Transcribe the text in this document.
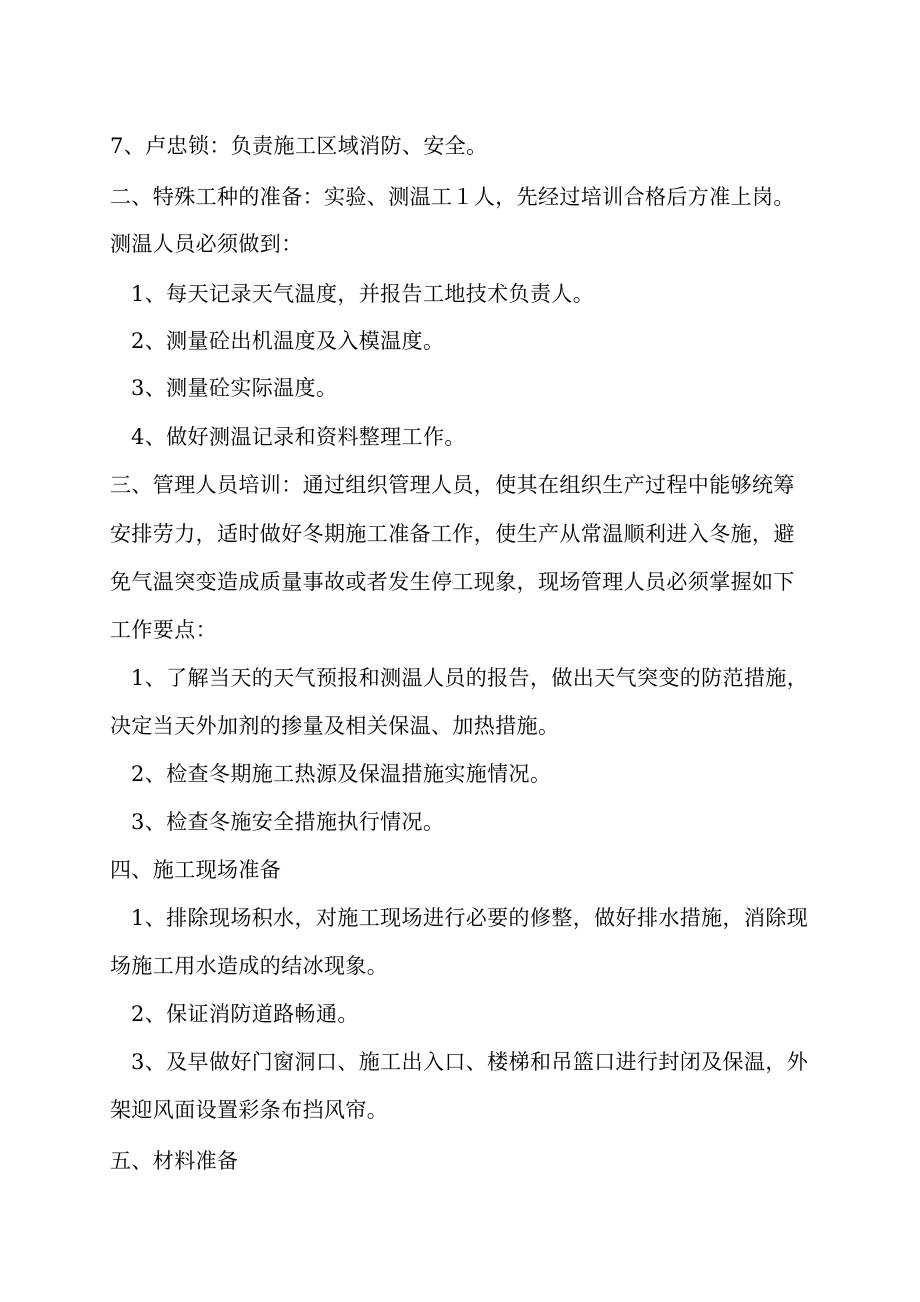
7、卢忠锁：负责施工区域消防、安全。
二、特殊工种的准备：实验、测温工１人，先经过培训合格后方准上岗。
测温人员必须做到：
1、每天记录天气温度，并报告工地技术负责人。
2、测量砼出机温度及入模温度。
3、测量砼实际温度。
4、做好测温记录和资料整理工作。
三、管理人员培训：通过组织管理人员，使其在组织生产过程中能够统筹
安排劳力，适时做好冬期施工准备工作，使生产从常温顺利进入冬施，避
免气温突变造成质量事故或者发生停工现象，现场管理人员必须掌握如下
工作要点：
1、了解当天的天气预报和测温人员的报告，做出天气突变的防范措施，
决定当天外加剂的掺量及相关保温、加热措施。
2、检查冬期施工热源及保温措施实施情况。
3、检查冬施安全措施执行情况。
四、施工现场准备
1、排除现场积水，对施工现场进行必要的修整，做好排水措施，消除现
场施工用水造成的结冰现象。
2、保证消防道路畅通。
3、及早做好门窗洞口、施工出入口、楼梯和吊篮口进行封闭及保温，外
架迎风面设置彩条布挡风帘。
五、材料准备
